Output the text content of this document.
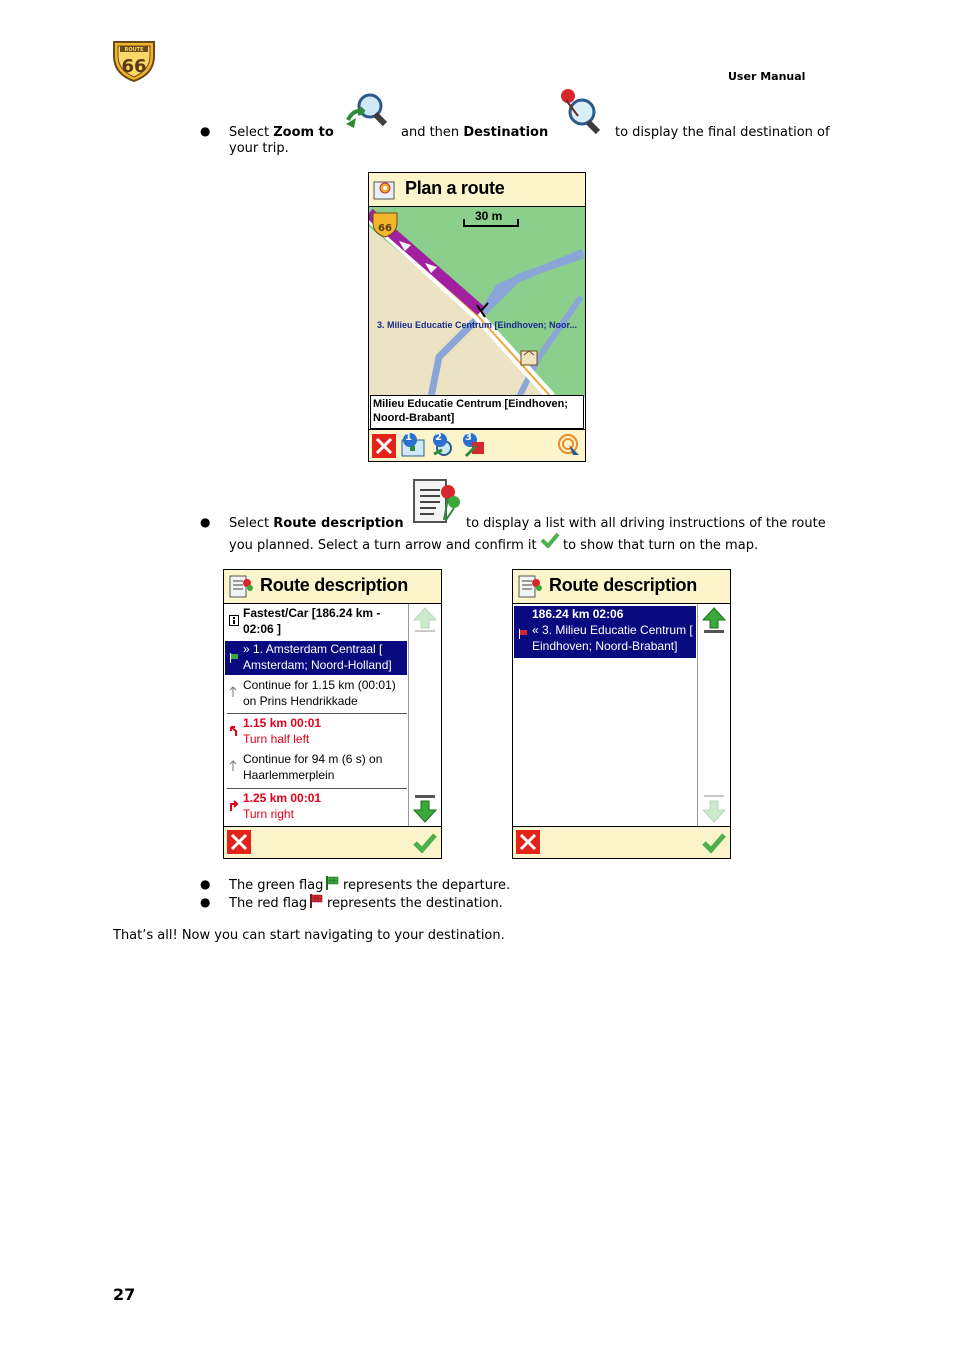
ROUTE
66	User Manual
● Select Zoom to	and then Destination	to display the final destination of
your trip.
Plan a route
66
30 m
3. Milieu Educatie Centrum [Eindhoven; Noor...
Milieu Educatie Centrum [Eindhoven; Noord-Brabant]
1 2 3
● Select Route description	to display a list with all driving instructions of the route
you planned. Select a turn arrow and confirm it to show that turn on the map.
Route description
Fastest/Car [186.24 km - 02:06 ]
» 1. Amsterdam Centraal [ Amsterdam; Noord-Holland]
Continue for 1.15 km (00:01) on Prins Hendrikkade
1.15 km 00:01
Turn half left
Continue for 94 m (6 s) on Haarlemmerplein
1.25 km 00:01
Turn right
Route description
186.24 km 02:06
« 3. Milieu Educatie Centrum [ Eindhoven; Noord-Brabant]
● The green flag represents the departure.
● The red flag represents the destination.
That’s all! Now you can start navigating to your destination.
27
